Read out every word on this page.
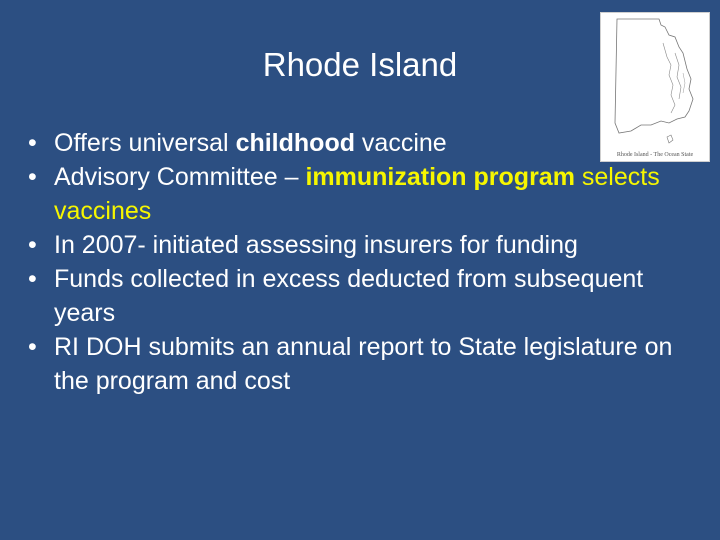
Rhode Island
Rhode Island - The Ocean State
• Offers universal childhood vaccine
• Advisory Committee – immunization program selects vaccines
• In 2007- initiated assessing insurers for funding
• Funds collected in excess deducted from subsequent years
• RI DOH submits an annual report to State legislature on the program and cost
